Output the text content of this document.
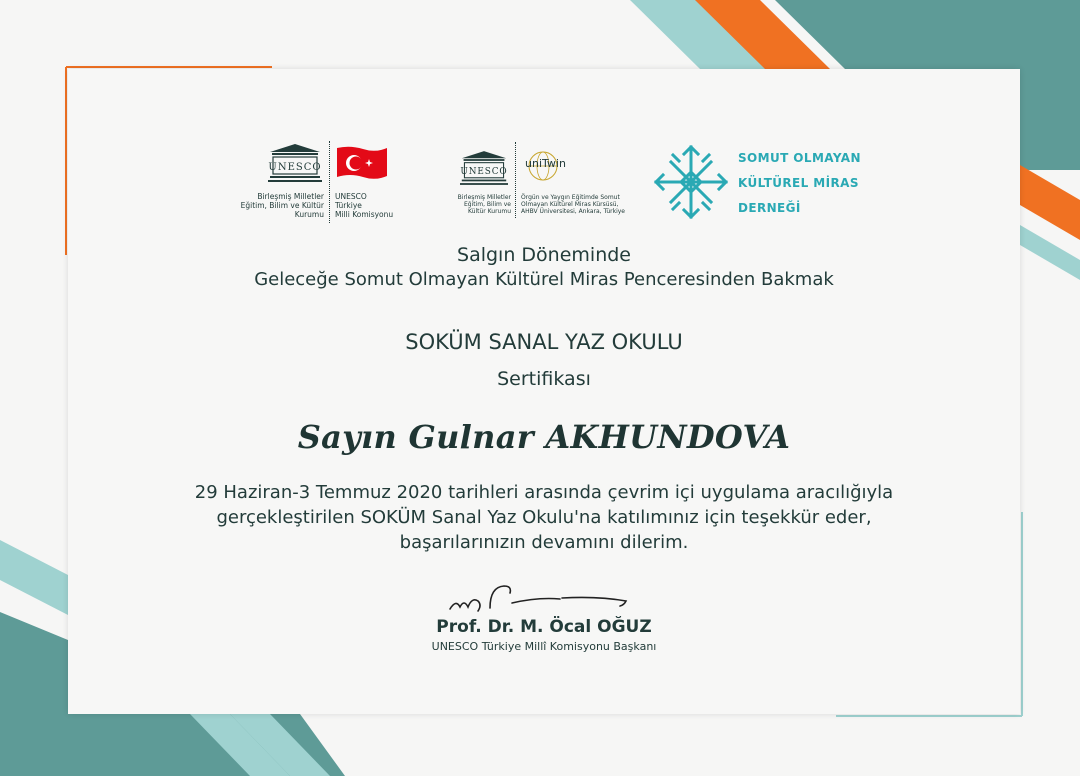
UNESCO
Birleşmiş Milletler
Eğitim, Bilim ve Kültür
Kurumu
UNESCO
Türkiye
Milli Komisyonu
UNESCO
uniTwin
Birleşmiş Milletler
Eğitim, Bilim ve
Kültür Kurumu
Örgün ve Yaygın Eğitimde Somut
Olmayan Kültürel Miras Kürsüsü,
AHBV Üniversitesi, Ankara, Türkiye
SOMUT OLMAYAN
KÜLTÜREL MİRAS
DERNEĞİ
Salgın Döneminde
Geleceğe Somut Olmayan Kültürel Miras Penceresinden Bakmak
SOKÜM SANAL YAZ OKULU
Sertifikası
Sayın Gulnar AKHUNDOVA
29 Haziran-3 Temmuz 2020 tarihleri arasında çevrim içi uygulama aracılığıyla
gerçekleştirilen SOKÜM Sanal Yaz Okulu'na katılımınız için teşekkür eder,
başarılarınızın devamını dilerim.
Prof. Dr. M. Öcal OĞUZ
UNESCO Türkiye Millî Komisyonu Başkanı
